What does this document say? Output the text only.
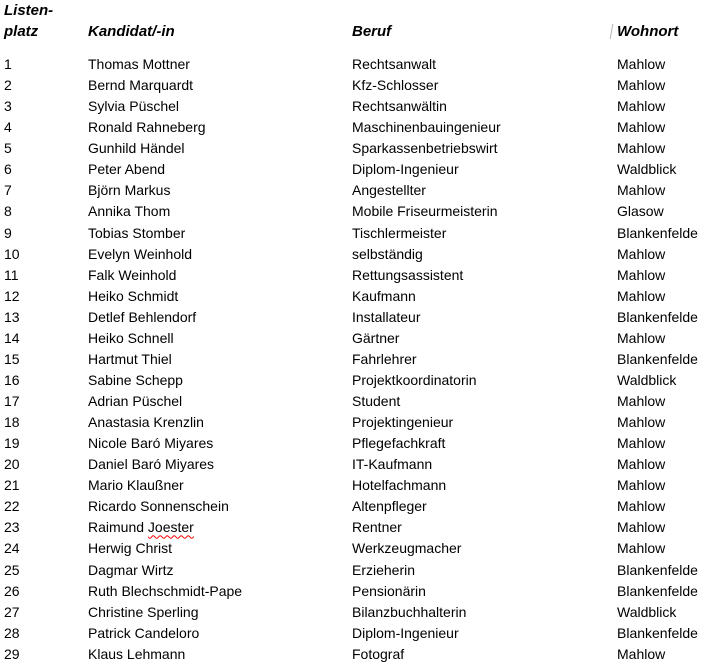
Listen-
platz	Kandidat/-in	Beruf	Wohnort
1	Thomas Mottner	Rechtsanwalt	Mahlow
2	Bernd Marquardt	Kfz-Schlosser	Mahlow
3	Sylvia Püschel	Rechtsanwältin	Mahlow
4	Ronald Rahneberg	Maschinenbauingenieur	Mahlow
5	Gunhild Händel	Sparkassenbetriebswirt	Mahlow
6	Peter Abend	Diplom-Ingenieur	Waldblick
7	Björn Markus	Angestellter	Mahlow
8	Annika Thom	Mobile Friseurmeisterin	Glasow
9	Tobias Stomber	Tischlermeister	Blankenfelde
10	Evelyn Weinhold	selbständig	Mahlow
11	Falk Weinhold	Rettungsassistent	Mahlow
12	Heiko Schmidt	Kaufmann	Mahlow
13	Detlef Behlendorf	Installateur	Blankenfelde
14	Heiko Schnell	Gärtner	Mahlow
15	Hartmut Thiel	Fahrlehrer	Blankenfelde
16	Sabine Schepp	Projektkoordinatorin	Waldblick
17	Adrian Püschel	Student	Mahlow
18	Anastasia Krenzlin	Projektingenieur	Mahlow
19	Nicole Baró Miyares	Pflegefachkraft	Mahlow
20	Daniel Baró Miyares	IT-Kaufmann	Mahlow
21	Mario Klaußner	Hotelfachmann	Mahlow
22	Ricardo Sonnenschein	Altenpfleger	Mahlow
23	Raimund Joester	Rentner	Mahlow
24	Herwig Christ	Werkzeugmacher	Mahlow
25	Dagmar Wirtz	Erzieherin	Blankenfelde
26	Ruth Blechschmidt-Pape	Pensionärin	Blankenfelde
27	Christine Sperling	Bilanzbuchhalterin	Waldblick
28	Patrick Candeloro	Diplom-Ingenieur	Blankenfelde
29	Klaus Lehmann	Fotograf	Mahlow
